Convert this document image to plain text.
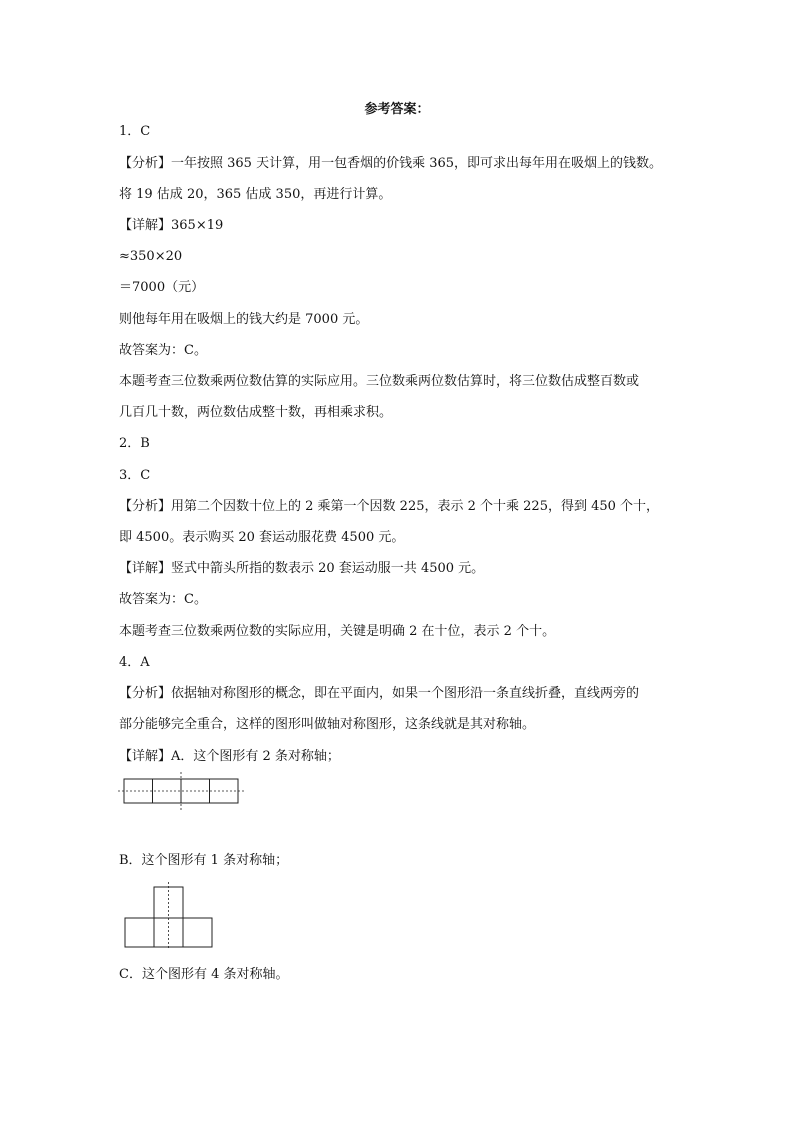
参考答案：
1．C
【分析】一年按照 365 天计算，用一包香烟的价钱乘 365，即可求出每年用在吸烟上的钱数。
将 19 估成 20，365 估成 350，再进行计算。
【详解】365×19
≈350×20
＝7000（元）
则他每年用在吸烟上的钱大约是 7000 元。
故答案为：C。
本题考查三位数乘两位数估算的实际应用。三位数乘两位数估算时，将三位数估成整百数或
几百几十数，两位数估成整十数，再相乘求积。
2．B
3．C
【分析】用第二个因数十位上的 2 乘第一个因数 225，表示 2 个十乘 225，得到 450 个十，
即 4500。表示购买 20 套运动服花费 4500 元。
【详解】竖式中箭头所指的数表示 20 套运动服一共 4500 元。
故答案为：C。
本题考查三位数乘两位数的实际应用，关键是明确 2 在十位，表示 2 个十。
4．A
【分析】依据轴对称图形的概念，即在平面内，如果一个图形沿一条直线折叠，直线两旁的
部分能够完全重合，这样的图形叫做轴对称图形，这条线就是其对称轴。
【详解】A．这个图形有 2 条对称轴；
B．这个图形有 1 条对称轴；
C．这个图形有 4 条对称轴。
